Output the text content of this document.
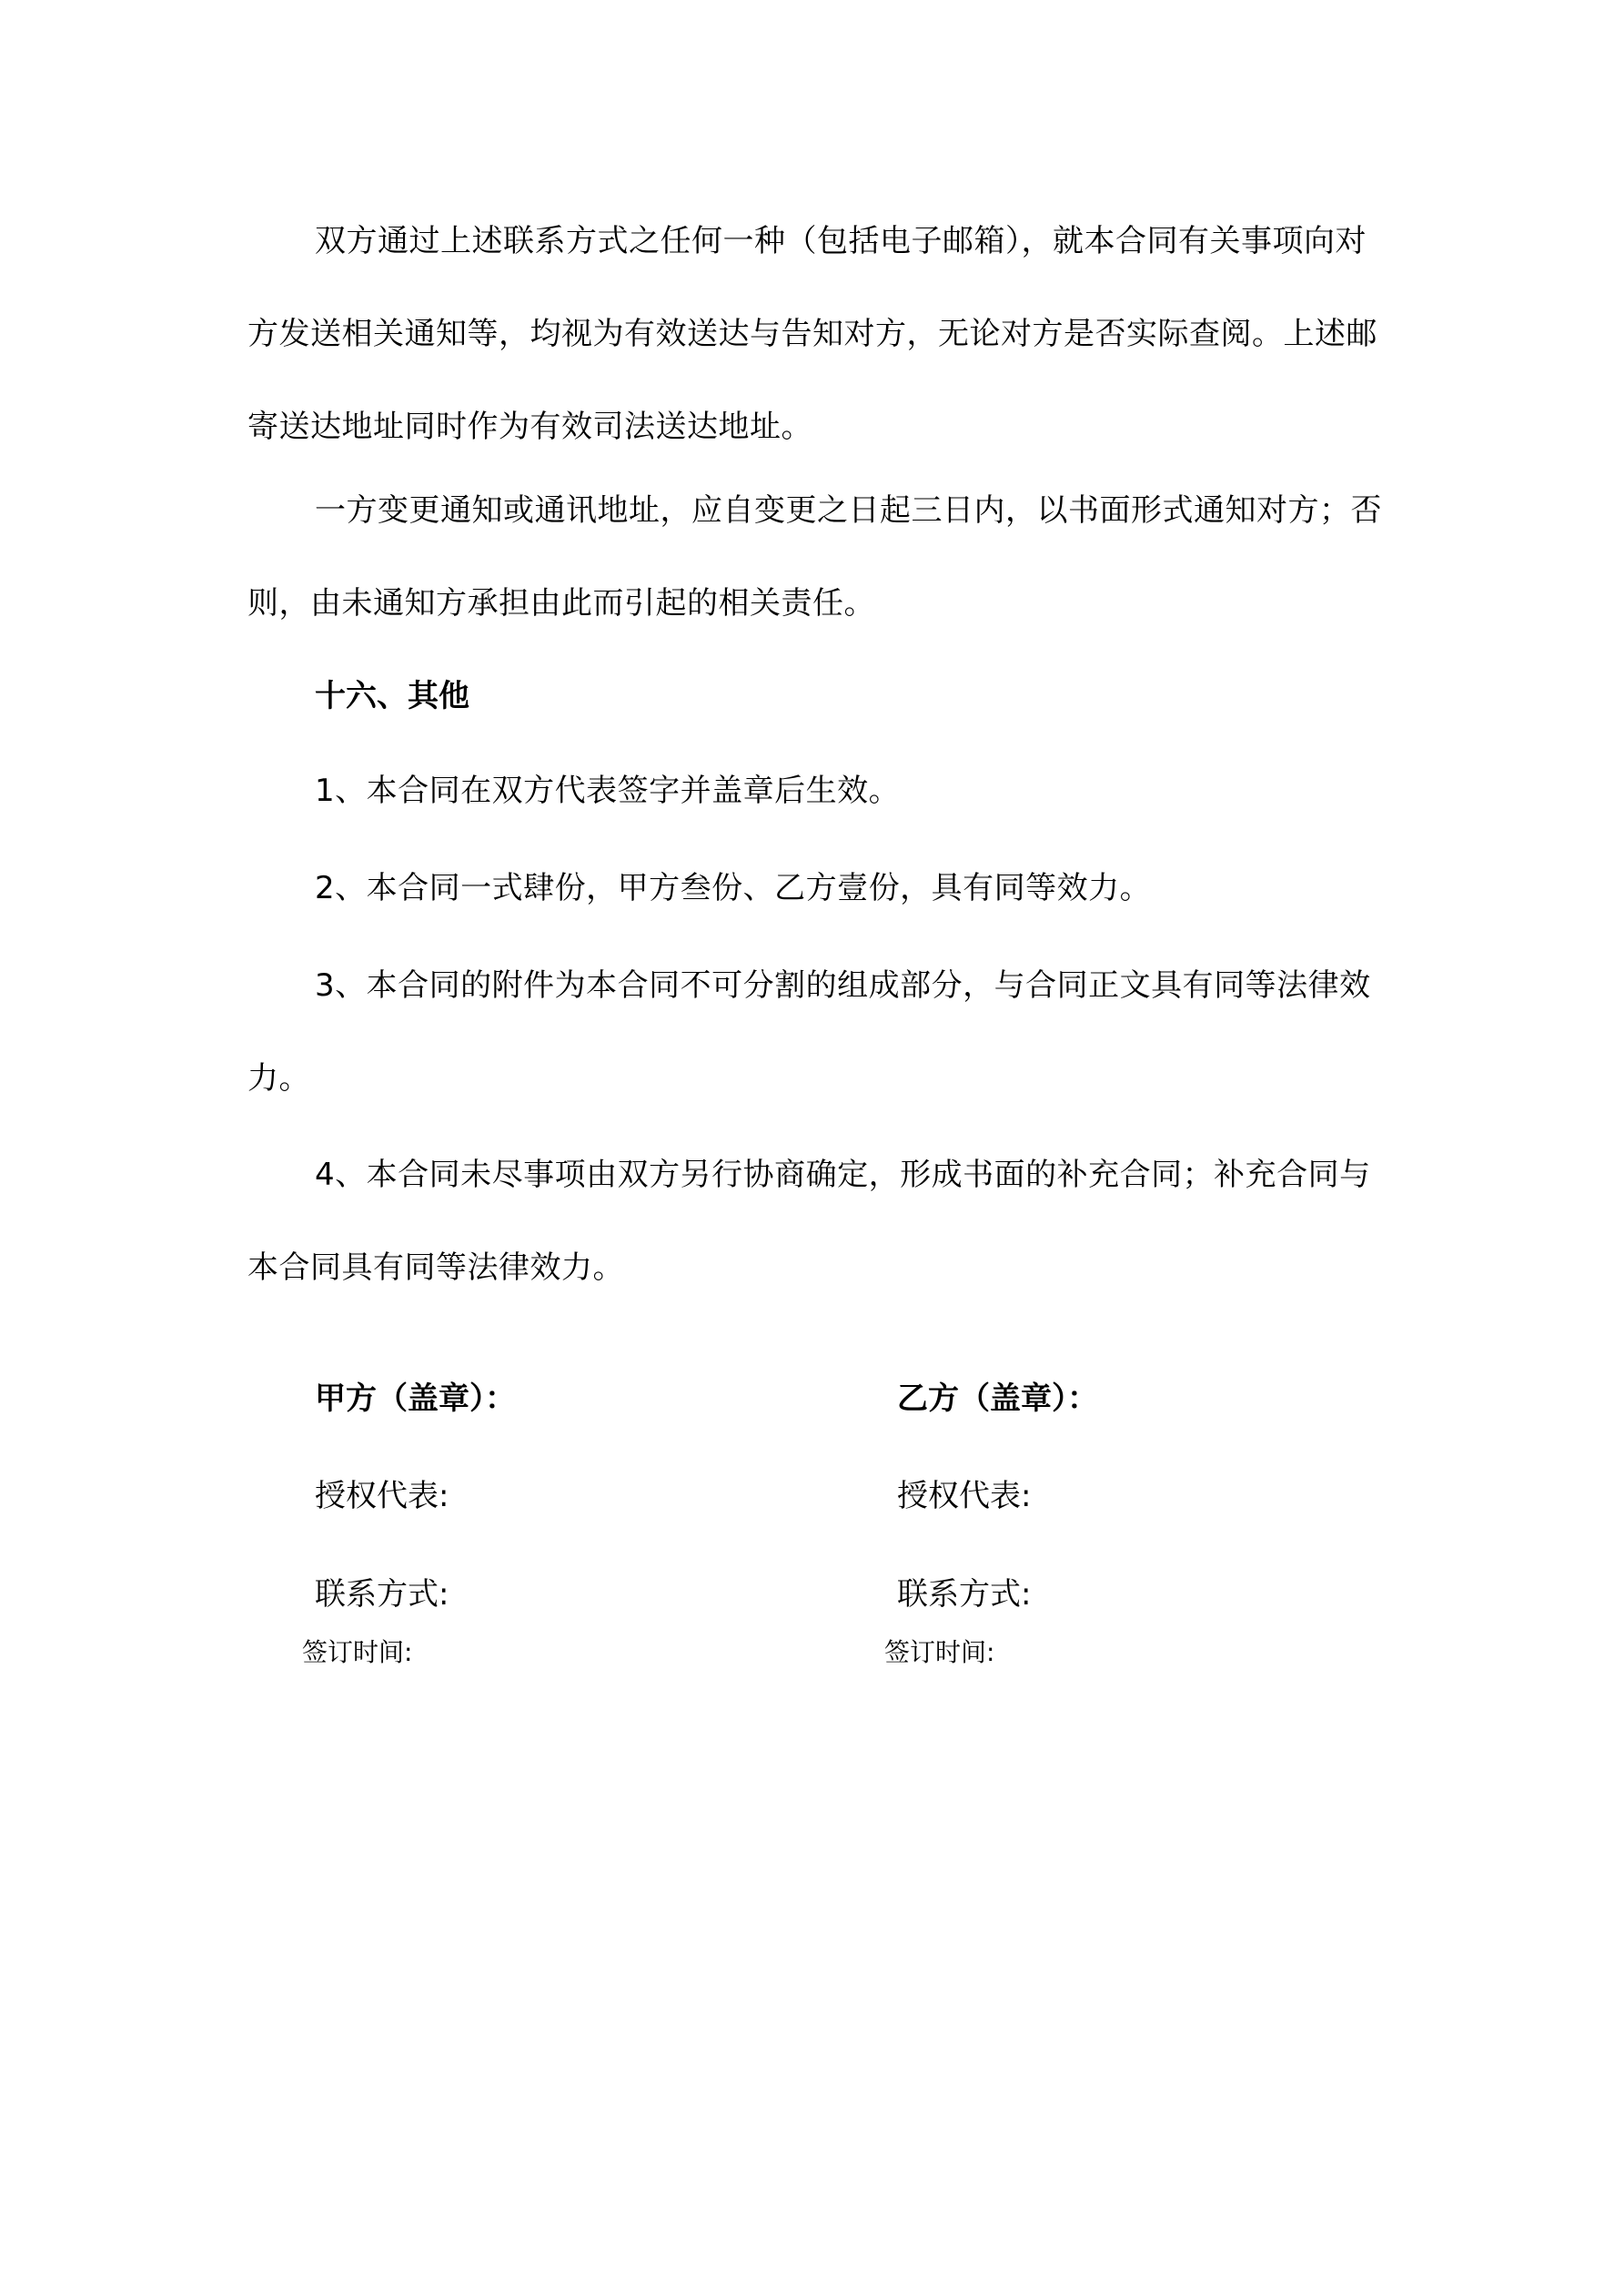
双方通过上述联系方式之任何一种（包括电子邮箱），就本合同有关事项向对方发送相关通知等，均视为有效送达与告知对方，无论对方是否实际查阅。上述邮寄送达地址同时作为有效司法送达地址。

一方变更通知或通讯地址，应自变更之日起三日内，以书面形式通知对方；否则，由未通知方承担由此而引起的相关责任。

十六、其他

1、本合同在双方代表签字并盖章后生效。

2、本合同一式肆份，甲方叁份、乙方壹份，具有同等效力。

3、本合同的附件为本合同不可分割的组成部分，与合同正文具有同等法律效力。

4、本合同未尽事项由双方另行协商确定，形成书面的补充合同；补充合同与本合同具有同等法律效力。

甲方（盖章）：
授权代表:
联系方式:
签订时间:
乙方（盖章）：
授权代表:
联系方式:
签订时间:
